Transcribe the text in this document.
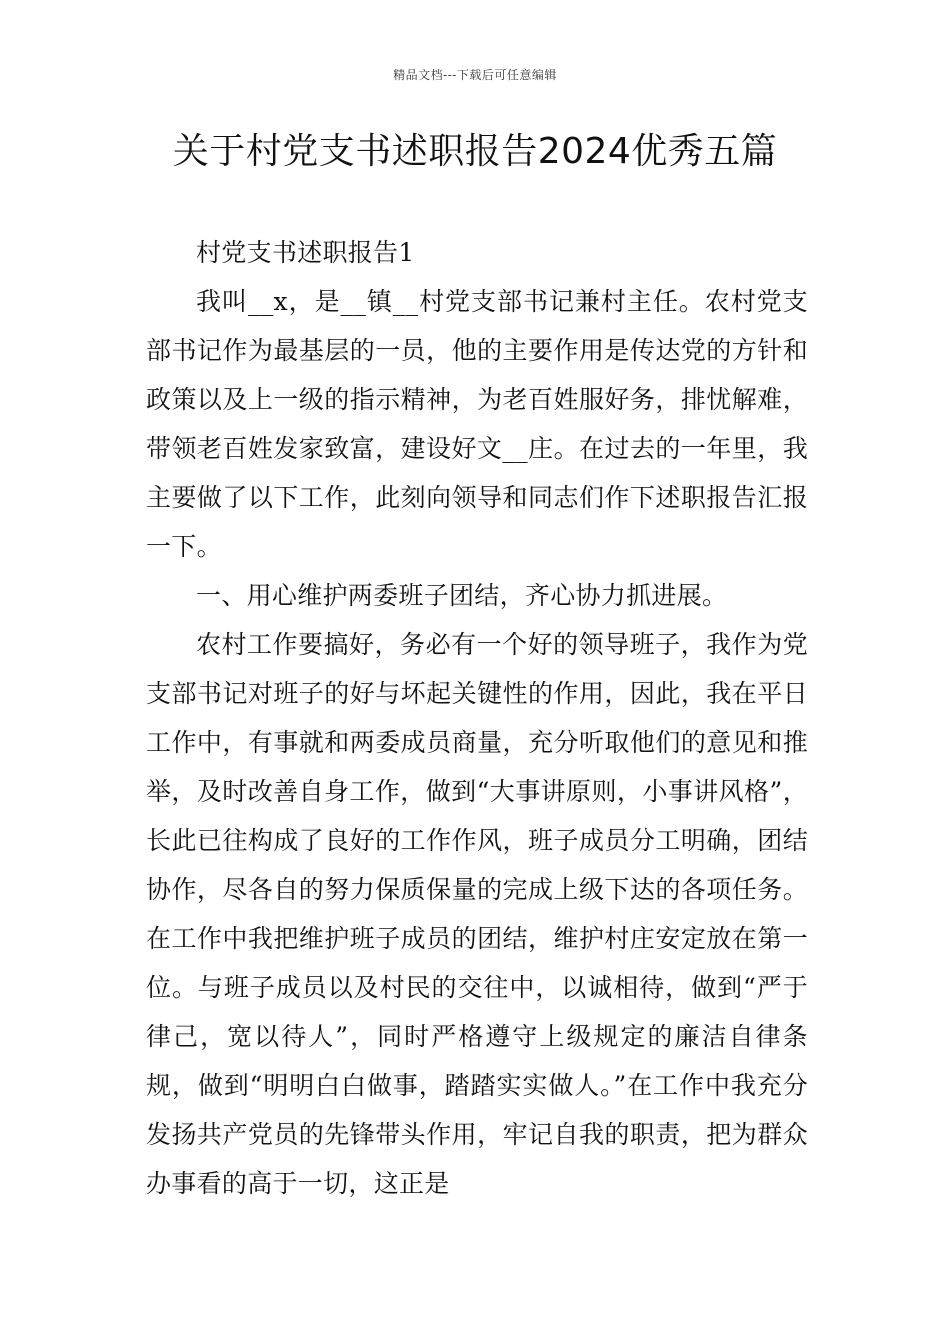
精品文档---下载后可任意编辑
关于村党支书述职报告2024优秀五篇

村党支书述职报告1

我叫__x，是__镇__村党支部书记兼村主任。农村党支部书记作为最基层的一员，他的主要作用是传达党的方针和政策以及上一级的指示精神，为老百姓服好务，排忧解难，带领老百姓发家致富，建设好文__庄。在过去的一年里，我主要做了以下工作，此刻向领导和同志们作下述职报告汇报一下。

一、用心维护两委班子团结，齐心协力抓进展。

农村工作要搞好，务必有一个好的领导班子，我作为党支部书记对班子的好与坏起关键性的作用，因此，我在平日工作中，有事就和两委成员商量，充分听取他们的意见和推举，及时改善自身工作，做到“大事讲原则，小事讲风格”，长此已往构成了良好的工作作风，班子成员分工明确，团结协作，尽各自的努力保质保量的完成上级下达的各项任务。在工作中我把维护班子成员的团结，维护村庄安定放在第一位。与班子成员以及村民的交往中，以诚相待，做到“严于律己，宽以待人”，同时严格遵守上级规定的廉洁自律条规，做到“明明白白做事，踏踏实实做人。”在工作中我充分发扬共产党员的先锋带头作用，牢记自我的职责，把为群众办事看的高于一切，这正是
